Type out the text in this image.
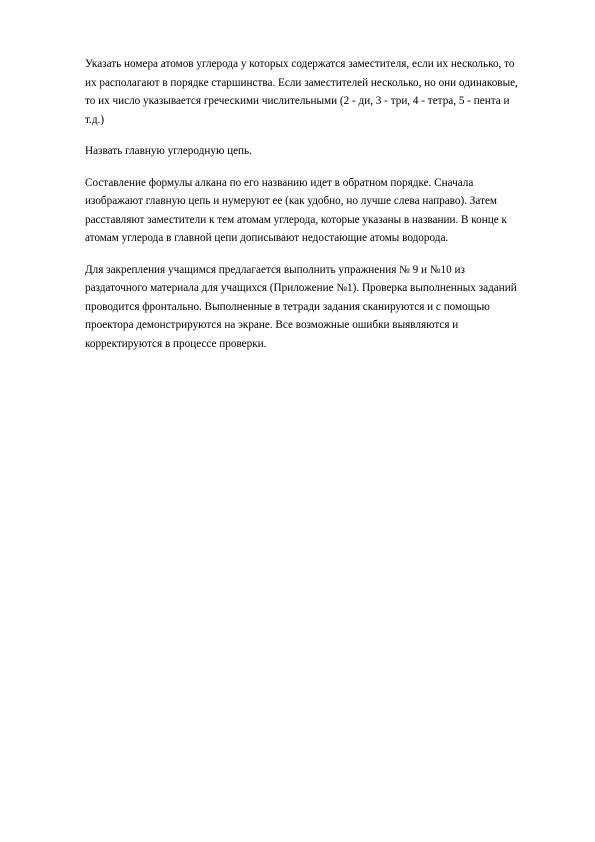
Указать номера атомов углерода у которых содержатся заместителя, если их несколько, то их располагают в порядке старшинства. Если заместителей несколько, но они одинаковые, то их число указывается греческими числительными (2 - ди, 3 - три, 4 - тетра, 5 - пента и т.д.)

Назвать главную углеродную цепь.

Составление формулы алкана по его названию идет в обратном порядке. Сначала изображают главную цепь и нумеруют ее (как удобно, но лучше слева направо). Затем расставляют заместители к тем атомам углерода, которые указаны в названии. В конце к атомам углерода в главной цепи дописывают недостающие атомы водорода.

Для закрепления учащимся предлагается выполнить упражнения № 9 и №10 из раздаточного материала для учащихся (Приложение №1). Проверка выполненных заданий проводится фронтально. Выполненные в тетради задания сканируются и с помощью проектора демонстрируются на экране. Все возможные ошибки выявляются и корректируются в процессе проверки.
